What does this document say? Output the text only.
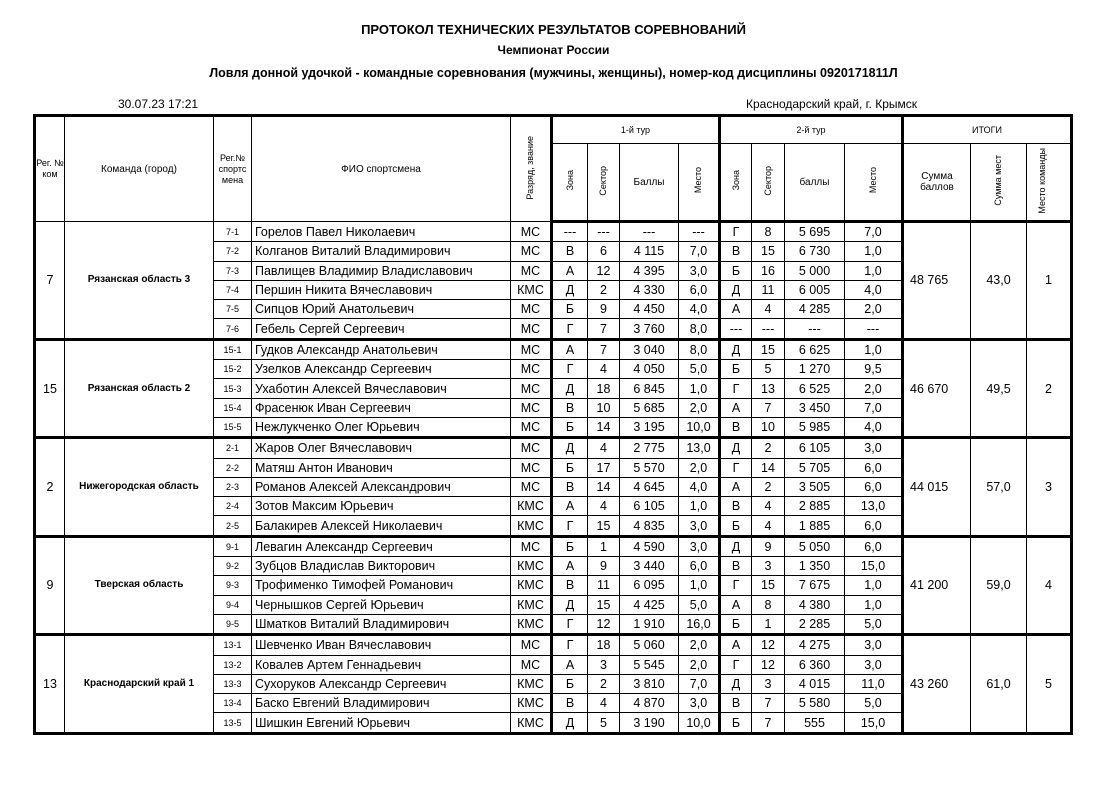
ПРОТОКОЛ ТЕХНИЧЕСКИХ РЕЗУЛЬТАТОВ СОРЕВНОВАНИЙ
Чемпионат России
Ловля донной удочкой - командные соревнования (мужчины, женщины), номер-код дисциплины 0920171811Л
30.07.23 17:21	Краснодарский край, г. Крымск
Рег. № ком	Команда (город)	Рег.№ спортс мена	ФИО спортсмена	Разряд, звание	1-й тур				2-й тур				ИТОГИ		
					Зона	Сектор	Баллы	Место	Зона	Сектор	баллы	Место	Сумма баллов	Сумма мест	Место команды
7	Рязанская область 3	7-1	Горелов Павел Николаевич	МС	---	---	---	---	Г	8	5 695	7,0	48 765	43,0	1
		7-2	Колганов Виталий Владимирович	МС	В	6	4 115	7,0	В	15	6 730	1,0			
		7-3	Павлищев Владимир Владиславович	МС	А	12	4 395	3,0	Б	16	5 000	1,0			
		7-4	Першин Никита Вячеславович	КМС	Д	2	4 330	6,0	Д	11	6 005	4,0			
		7-5	Сипцов Юрий Анатольевич	МС	Б	9	4 450	4,0	А	4	4 285	2,0			
		7-6	Гебель Сергей Сергеевич	МС	Г	7	3 760	8,0	---	---	---	---			
15	Рязанская область 2	15-1	Гудков Александр Анатольевич	МС	А	7	3 040	8,0	Д	15	6 625	1,0	46 670	49,5	2
		15-2	Узелков Александр Сергеевич	МС	Г	4	4 050	5,0	Б	5	1 270	9,5			
		15-3	Ухаботин Алексей Вячеславович	МС	Д	18	6 845	1,0	Г	13	6 525	2,0			
		15-4	Фрасенюк Иван Сергеевич	МС	В	10	5 685	2,0	А	7	3 450	7,0			
		15-5	Нежлукченко Олег Юрьевич	МС	Б	14	3 195	10,0	В	10	5 985	4,0			
2	Нижегородская область	2-1	Жаров Олег Вячеславович	МС	Д	4	2 775	13,0	Д	2	6 105	3,0	44 015	57,0	3
		2-2	Матяш Антон Иванович	МС	Б	17	5 570	2,0	Г	14	5 705	6,0			
		2-3	Романов Алексей Александрович	МС	В	14	4 645	4,0	А	2	3 505	6,0			
		2-4	Зотов Максим Юрьевич	КМС	А	4	6 105	1,0	В	4	2 885	13,0			
		2-5	Балакирев Алексей Николаевич	КМС	Г	15	4 835	3,0	Б	4	1 885	6,0			
9	Тверская область	9-1	Левагин Александр Сергеевич	МС	Б	1	4 590	3,0	Д	9	5 050	6,0	41 200	59,0	4
		9-2	Зубцов Владислав Викторович	КМС	А	9	3 440	6,0	В	3	1 350	15,0			
		9-3	Трофименко Тимофей Романович	КМС	В	11	6 095	1,0	Г	15	7 675	1,0			
		9-4	Чернышков Сергей Юрьевич	КМС	Д	15	4 425	5,0	А	8	4 380	1,0			
		9-5	Шматков Виталий Владимирович	КМС	Г	12	1 910	16,0	Б	1	2 285	5,0			
13	Краснодарский край 1	13-1	Шевченко Иван Вячеславович	МС	Г	18	5 060	2,0	А	12	4 275	3,0	43 260	61,0	5
		13-2	Ковалев Артем Геннадьевич	МС	А	3	5 545	2,0	Г	12	6 360	3,0			
		13-3	Сухоруков Александр Сергеевич	КМС	Б	2	3 810	7,0	Д	3	4 015	11,0			
		13-4	Баско Евгений Владимирович	КМС	В	4	4 870	3,0	В	7	5 580	5,0			
		13-5	Шишкин Евгений Юрьевич	КМС	Д	5	3 190	10,0	Б	7	555	15,0			
